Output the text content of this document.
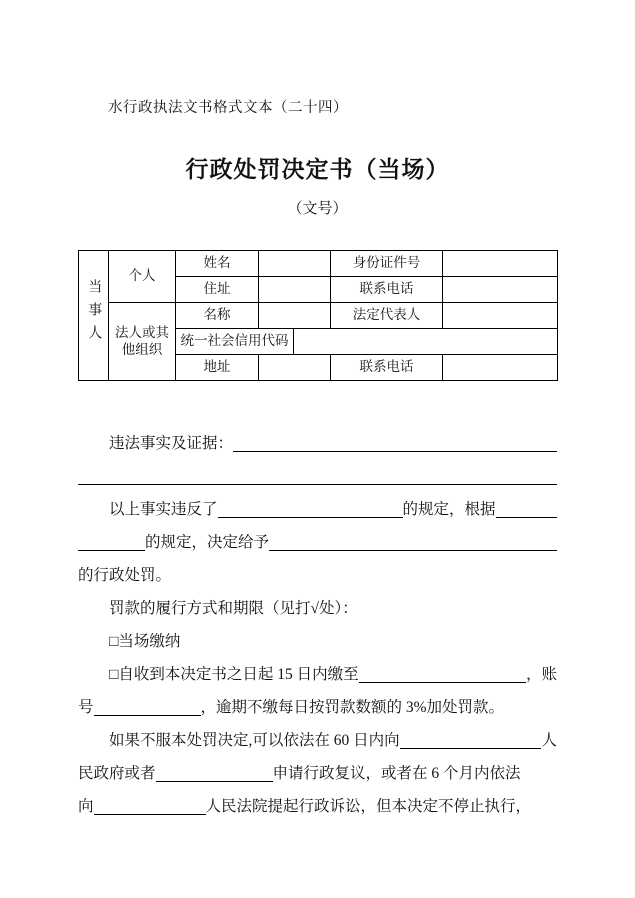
水行政执法文书格式文本（二十四）
行政处罚决定书（当场）
（文号）
当事人	个人	姓名			身份证件号	
		住址			联系电话	
	法人或其他组织	名称			法定代表人	
		统一社会信用代码				
		地址			联系电话	
违法事实及证据：
以上事实违反了	的规定，根据
的规定，决定给予
的行政处罚。
罚款的履行方式和期限（见打√处）：
□当场缴纳
□自收到本决定书之日起 15 日内缴至	，账
号	，逾期不缴每日按罚款数额的 3%加处罚款。
如果不服本处罚决定,可以依法在 60 日内向	人
民政府或者	申请行政复议，或者在 6 个月内依法
向	人民法院提起行政诉讼，但本决定不停止执行，
